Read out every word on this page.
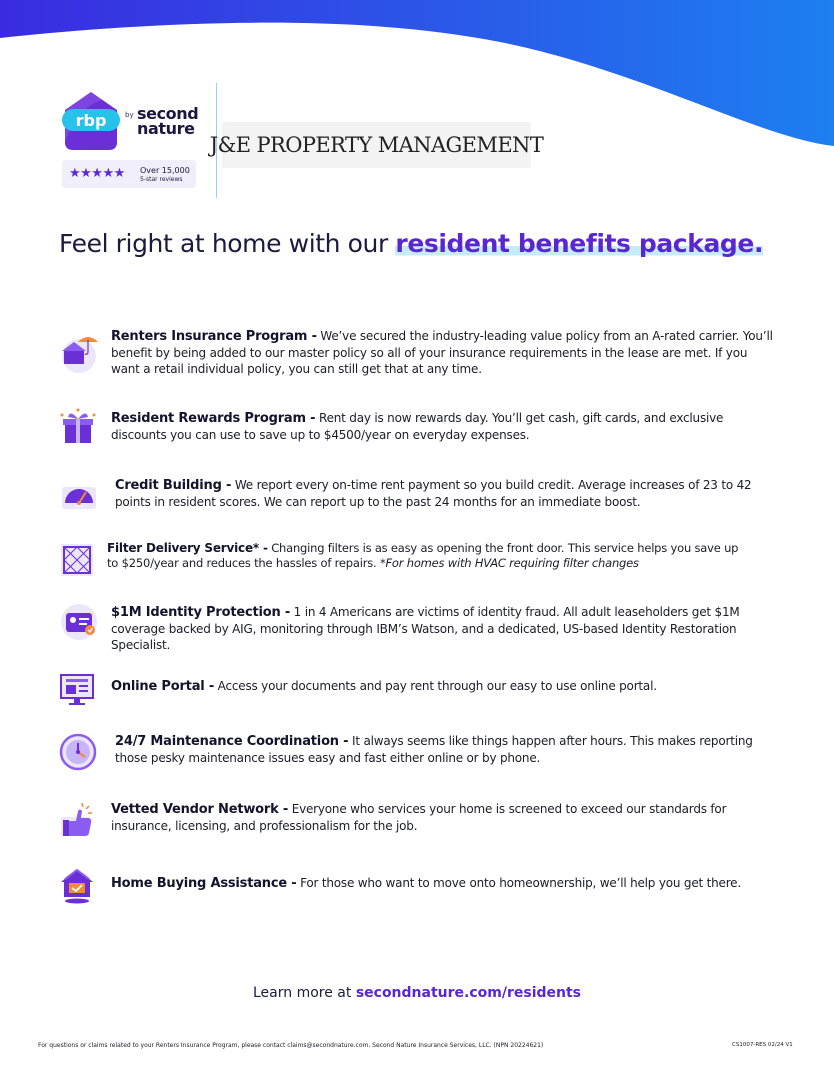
rbp	by second
nature
★★★★★ Over 15,000
5-star reviews
J&E PROPERTY MANAGEMENT
Feel right at home with our resident benefits package.
Renters Insurance Program - We’ve secured the industry-leading value policy from an A-rated carrier. You’ll benefit by being added to our master policy so all of your insurance requirements in the lease are met. If you want a retail individual policy, you can still get that at any time.
Resident Rewards Program - Rent day is now rewards day. You’ll get cash, gift cards, and exclusive discounts you can use to save up to $4500/year on everyday expenses.
***
Credit Building - We report every on-time rent payment so you build credit. Average increases of 23 to 42 points in resident scores. We can report up to the past 24 months for an immediate boost.
Filter Delivery Service* - Changing filters is as easy as opening the front door. This service helps you save up to $250/year and reduces the hassles of repairs. *For homes with HVAC requiring filter changes
$1M Identity Protection - 1 in 4 Americans are victims of identity fraud. All adult leaseholders get $1M coverage backed by AIG, monitoring through IBM’s Watson, and a dedicated, US-based Identity Restoration Specialist.
Online Portal - Access your documents and pay rent through our easy to use online portal.
24/7 Maintenance Coordination - It always seems like things happen after hours. This makes reporting those pesky maintenance issues easy and fast either online or by phone.
Vetted Vendor Network - Everyone who services your home is screened to exceed our standards for insurance, licensing, and professionalism for the job.
Home Buying Assistance - For those who want to move onto homeownership, we’ll help you get there.
Learn more at secondnature.com/residents
For questions or claims related to your Renters Insurance Program, please contact claims@secondnature.com. Second Nature Insurance Services, LLC. (NPN 20224621)	CS1007-RES 02/24 V1
